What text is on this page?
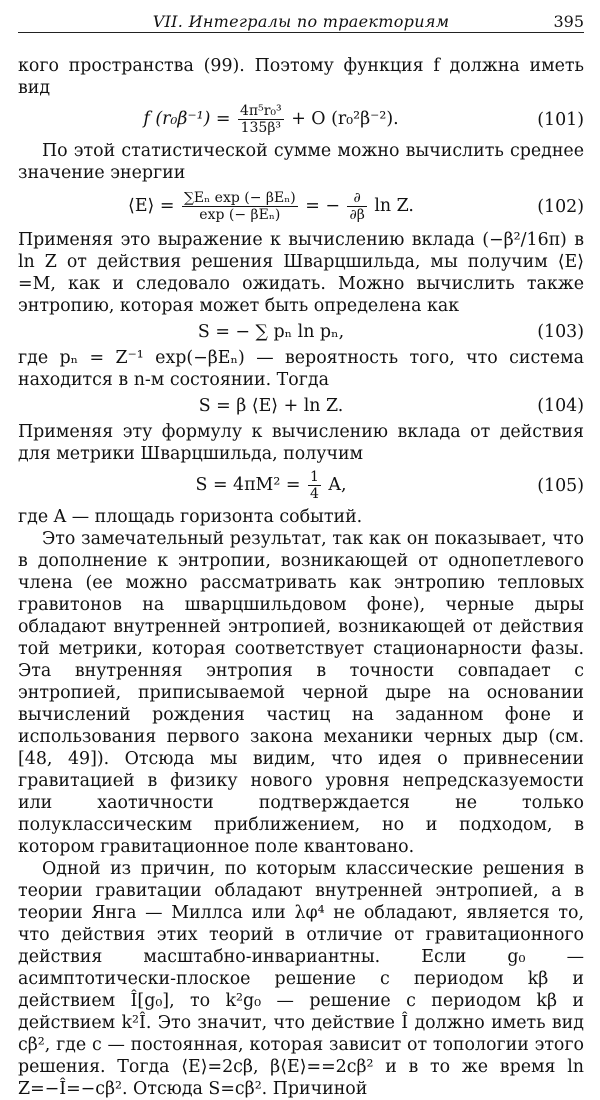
VII. Интегралы по траекториям	395

кого пространства (99). Поэтому функция f должна иметь вид

f $(r_0\beta^{-1}) = \frac{\text{4π⁵r₀³}}{\text{135β³}} + O$ (r₀²β⁻²).	(101)

По этой статистической сумме можно вычислить среднее значение энергии

⟨E⟩ = $\frac{\text{∑Eₙ exp (− βEₙ)}}{\text{exp (− βEₙ)}}$ = − $\frac{\partial}{\partial\beta}$ ln Z.	(102)

Применяя это выражение к вычислению вклада (−β²/16π) в ln Z от действия решения Шварцшильда, мы получим ⟨E⟩=M, как и следовало ожидать. Можно вычислить также энтропию, которая может быть определена как

S = − ∑ pₙ ln pₙ,	(103)

где pₙ = Z⁻¹ exp(−βEₙ) — вероятность того, что система находится в n-м состоянии. Тогда

S = β ⟨E⟩ + ln Z.	(104)

Применяя эту формулу к вычислению вклада от действия для метрики Шварцшильда, получим

$S = 4\pi M^2 = \frac{1}{4} A$,	(105)

где A — площадь горизонта событий.

Это замечательный результат, так как он показывает, что в дополнение к энтропии, возникающей от однопетлевого члена (ее можно рассматривать как энтропию тепловых гравитонов на шварцшильдовом фоне), черные дыры обладают внутренней энтропией, возникающей от действия той метрики, которая соответствует стационарности фазы. Эта внутренняя энтропия в точности совпадает с энтропией, приписываемой черной дыре на основании вычислений рождения частиц на заданном фоне и использования первого закона механики черных дыр (см. [48, 49]). Отсюда мы видим, что идея о привнесении гравитацией в физику нового уровня непредсказуемости или хаотичности подтверждается не только полуклассическим приближением, но и подходом, в котором гравитационное поле квантовано.

Одной из причин, по которым классические решения в теории гравитации обладают внутренней энтропией, а в теории Янга — Миллса или λφ⁴ не обладают, является то, что действия этих теорий в отличие от гравитационного действия масштабно-инвариантны. Если g₀ — асимптотически-плоское решение с периодом kβ и действием Î[g₀], то k²g₀ — решение с периодом kβ и действием k²Î. Это значит, что действие Î должно иметь вид cβ², где c — постоянная, которая зависит от топологии этого решения. Тогда ⟨E⟩=2cβ, β⟨E⟩==2cβ² и в то же время ln Z=−Î=−cβ². Отсюда S=cβ². Причиной
